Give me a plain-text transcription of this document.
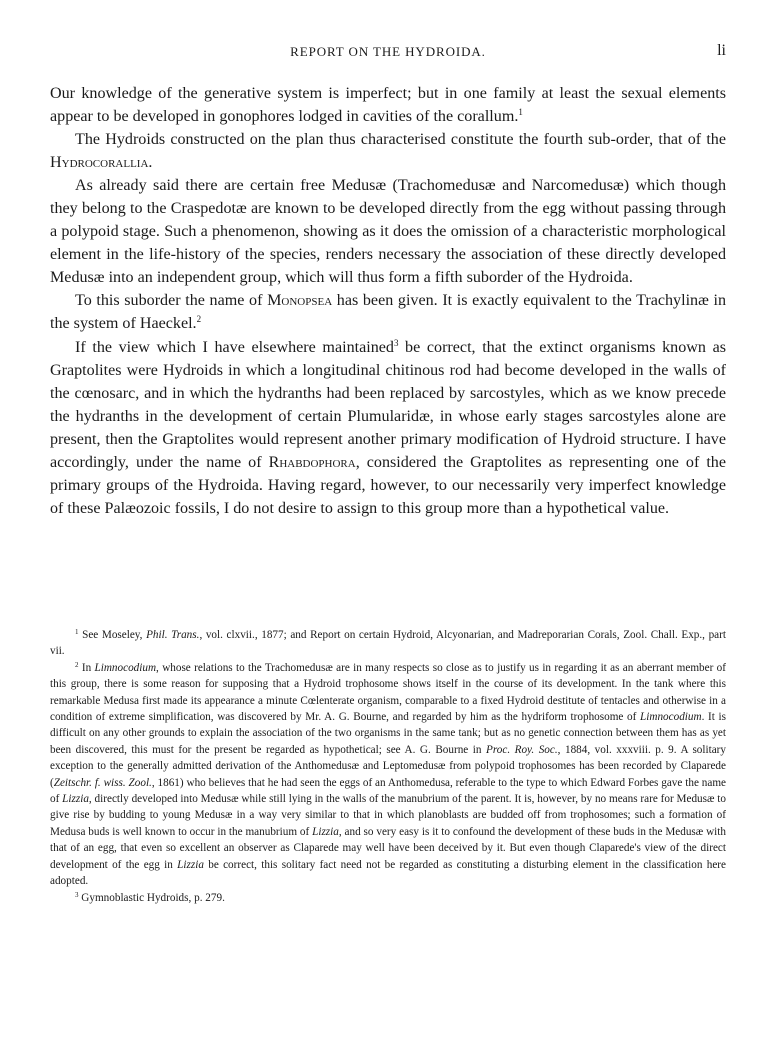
REPORT ON THE HYDROIDA.	li

Our knowledge of the generative system is imperfect; but in one family at least the sexual elements appear to be developed in gonophores lodged in cavities of the corallum.$^1$

The Hydroids constructed on the plan thus characterised constitute the fourth sub-order, that of the Hydrocorallia.

As already said there are certain free Medusæ (Trachomedusæ and Narcomedusæ) which though they belong to the Craspedotæ are known to be developed directly from the egg without passing through a polypoid stage. Such a phenomenon, showing as it does the omission of a characteristic morphological element in the life-history of the species, renders necessary the association of these directly developed Medusæ into an independent group, which will thus form a fifth suborder of the Hydroida.

To this suborder the name of Monopsea has been given. It is exactly equivalent to the Trachylinæ in the system of Haeckel.$^2$

If the view which I have elsewhere maintained$^3$ be correct, that the extinct organisms known as Graptolites were Hydroids in which a longitudinal chitinous rod had become developed in the walls of the cœnosarc, and in which the hydranths had been replaced by sarcostyles, which as we know precede the hydranths in the development of certain Plumularidæ, in whose early stages sarcostyles alone are present, then the Graptolites would represent another primary modification of Hydroid structure. I have accordingly, under the name of Rhabdophora, considered the Graptolites as representing one of the primary groups of the Hydroida. Having regard, however, to our necessarily very imperfect knowledge of these Palæozoic fossils, I do not desire to assign to this group more than a hypothetical value.

$^1$ See Moseley, Phil. Trans., vol. clxvii., 1877; and Report on certain Hydroid, Alcyonarian, and Madreporarian Corals, Zool. Chall. Exp., part vii.

$^2$ In Limnocodium, whose relations to the Trachomedusæ are in many respects so close as to justify us in regarding it as an aberrant member of this group, there is some reason for supposing that a Hydroid trophosome shows itself in the course of its development. In the tank where this remarkable Medusa first made its appearance a minute Cœlenterate organism, comparable to a fixed Hydroid destitute of tentacles and otherwise in a condition of extreme simplification, was discovered by Mr. A. G. Bourne, and regarded by him as the hydriform trophosome of Limnocodium. It is difficult on any other grounds to explain the association of the two organisms in the same tank; but as no genetic connection between them has as yet been discovered, this must for the present be regarded as hypothetical; see A. G. Bourne in Proc. Roy. Soc., 1884, vol. xxxviii. p. 9. A solitary exception to the generally admitted derivation of the Anthomedusæ and Leptomedusæ from polypoid trophosomes has been recorded by Claparede (Zeitschr. f. wiss. Zool., 1861) who believes that he had seen the eggs of an Anthomedusa, referable to the type to which Edward Forbes gave the name of Lizzia, directly developed into Medusæ while still lying in the walls of the manubrium of the parent. It is, however, by no means rare for Medusæ to give rise by budding to young Medusæ in a way very similar to that in which planoblasts are budded off from trophosomes; such a formation of Medusa buds is well known to occur in the manubrium of Lizzia, and so very easy is it to confound the development of these buds in the Medusæ with that of an egg, that even so excellent an observer as Claparede may well have been deceived by it. But even though Claparede's view of the direct development of the egg in Lizzia be correct, this solitary fact need not be regarded as constituting a disturbing element in the classification here adopted.

$^3$ Gymnoblastic Hydroids, p. 279.
